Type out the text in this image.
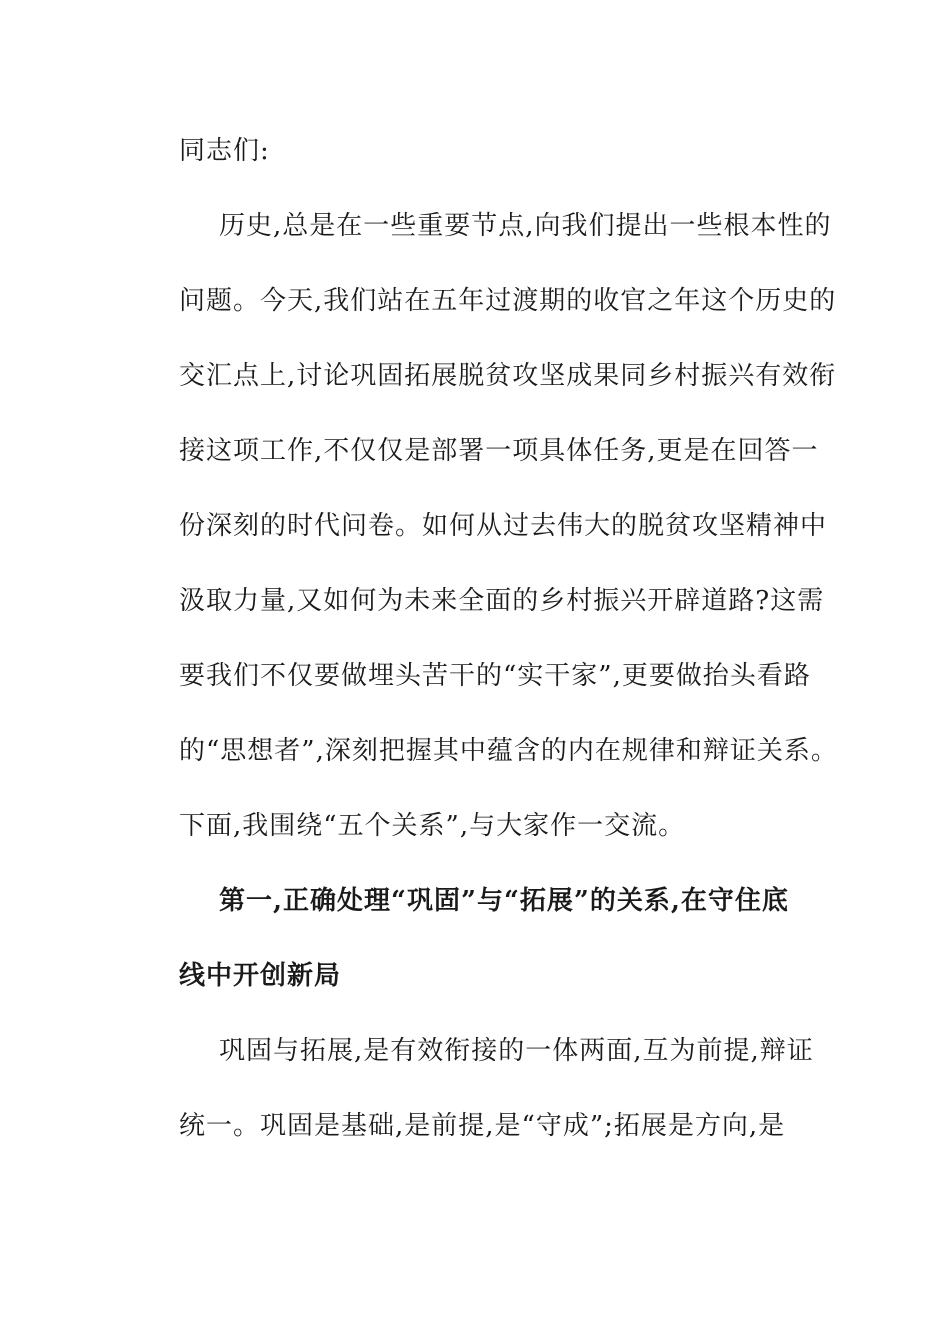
同志们:
历史,总是在一些重要节点,向我们提出一些根本性的
问题。今天,我们站在五年过渡期的收官之年这个历史的
交汇点上,讨论巩固拓展脱贫攻坚成果同乡村振兴有效衔
接这项工作,不仅仅是部署一项具体任务,更是在回答一
份深刻的时代问卷。如何从过去伟大的脱贫攻坚精神中
汲取力量,又如何为未来全面的乡村振兴开辟道路?这需
要我们不仅要做埋头苦干的“实干家”,更要做抬头看路
的“思想者”,深刻把握其中蕴含的内在规律和辩证关系。
下面,我围绕“五个关系”,与大家作一交流。
第一,正确处理“巩固”与“拓展”的关系,在守住底
线中开创新局
巩固与拓展,是有效衔接的一体两面,互为前提,辩证
统一。巩固是基础,是前提,是“守成”;拓展是方向,是
